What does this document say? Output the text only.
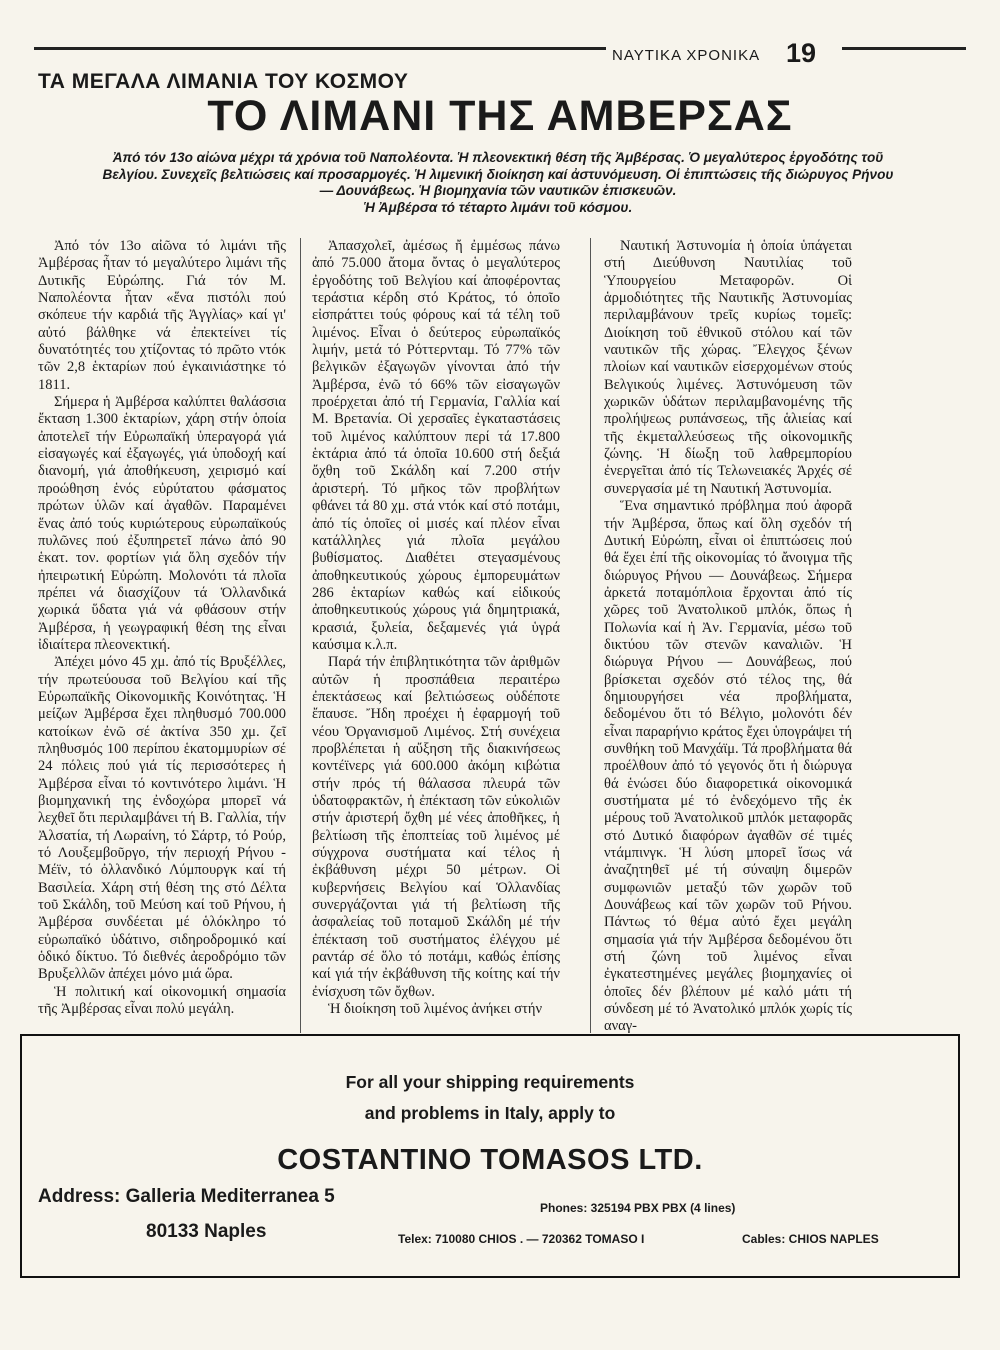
ΝΑΥΤΙΚΑ ΧΡΟΝΙΚΑ 19
ΤΑ ΜΕΓΑΛΑ ΛΙΜΑΝΙΑ ΤΟΥ ΚΟΣΜΟΥ
ΤΟ ΛΙΜΑΝΙ ΤΗΣ ΑΜΒΕΡΣΑΣ

Ἀπό τόν 13ο αἰώνα μέχρι τά χρόνια τοῦ Ναπολέοντα. Ἡ πλεονεκτική θέση τῆς Ἀμβέρσας. Ὁ μεγαλύτερος ἐργοδότης τοῦ Βελγίου. Συνεχεῖς βελτιώσεις καί προσαρμογές. Ἡ λιμενική διοίκηση καί ἀστυνόμευση. Οἱ ἐπιπτώσεις τῆς διώρυγος Ρήνου— Δουνάβεως. Ἡ βιομηχανία τῶν ναυτικῶν ἐπισκευῶν.

Ἡ Ἀμβέρσα τό τέταρτο λιμάνι τοῦ κόσμου.

Ἀπό τόν 13ο αἰῶνα τό λιμάνι τῆς Ἀμβέρσας ἦταν τό μεγαλύτερο λιμάνι τῆς Δυτικῆς Εὐρώπης. Γιά τόν Μ. Ναπολέοντα ἦταν «ἕνα πιστόλι πού σκόπευε τήν καρδιά τῆς Ἀγγλίας» καί γι' αὐτό βάλθηκε νά ἐπεκτείνει τίς δυνατότητές του χτίζοντας τό πρῶτο ντόκ τῶν 2,8 ἑκταρίων πού ἐγκαινιάστηκε τό 1811.

Σήμερα ἡ Ἀμβέρσα καλύπτει θαλάσσια ἔκταση 1.300 ἑκταρίων, χάρη στήν ὁποία ἀποτελεῖ τήν Εὐρωπαϊκή ὑπεραγορά γιά εἰσαγωγές καί ἐξαγωγές, γιά ὑποδοχή καί διανομή, γιά ἀποθήκευση, χειρισμό καί προώθηση ἑνός εὐρύτατου φάσματος πρώτων ὑλῶν καί ἀγαθῶν. Παραμένει ἕνας ἀπό τούς κυριώτερους εὐρωπαϊκούς πυλῶνες πού ἐξυπηρετεῖ πάνω ἀπό 90 ἑκατ. τον. φορτίων γιά ὅλη σχεδόν τήν ἠπειρωτική Εὐρώπη. Μολονότι τά πλοῖα πρέπει νά διασχίζουν τά Ὁλλανδικά χωρικά ὕδατα γιά νά φθάσουν στήν Ἀμβέρσα, ἡ γεωγραφική θέση της εἶναι ἰδιαίτερα πλεονεκτική.

Ἀπέχει μόνο 45 χμ. ἀπό τίς Βρυξέλλες, τήν πρωτεύουσα τοῦ Βελγίου καί τῆς Εὐρωπαϊκῆς Οἰκονομικῆς Κοινότητας. Ἡ μείζων Ἀμβέρσα ἔχει πληθυσμό 700.000 κατοίκων ἐνῶ σέ ἀκτίνα 350 χμ. ζεῖ πληθυσμός 100 περίπου ἑκατομμυρίων σέ 24 πόλεις πού γιά τίς περισσότερες ἡ Ἀμβέρσα εἶναι τό κοντινότερο λιμάνι. Ἡ βιομηχανική της ἐνδοχώρα μπορεῖ νά λεχθεῖ ὅτι περιλαμβάνει τή Β. Γαλλία, τήν Ἀλσατία, τή Λωραίνη, τό Σάρτρ, τό Ρούρ, τό Λουξεμβοῦργο, τήν περιοχή Ρήνου - Μέϊν, τό ὀλλανδικό Λύμπουργκ καί τή Βασιλεία. Χάρη στή θέση της στό Δέλτα τοῦ Σκάλδη, τοῦ Μεύση καί τοῦ Ρήνου, ἡ Ἀμβέρσα συνδέεται μέ ὁλόκληρο τό εὐρωπαϊκό ὑδάτινο, σιδηροδρομικό καί ὁδικό δίκτυο. Τό διεθνές ἀεροδρόμιο τῶν Βρυξελλῶν ἀπέχει μόνο μιά ὥρα.

Ἡ πολιτική καί οἰκονομική σημασία τῆς Ἀμβέρσας εἶναι πολύ μεγάλη.

Ἀπασχολεῖ, ἀμέσως ἤ ἐμμέσως πάνω ἀπό 75.000 ἄτομα ὄντας ὁ μεγαλύτερος ἐργοδότης τοῦ Βελγίου καί ἀποφέροντας τεράστια κέρδη στό Κράτος, τό ὁποῖο εἰσπράττει τούς φόρους καί τά τέλη τοῦ λιμένος. Εἶναι ὁ δεύτερος εὐρωπαϊκός λιμήν, μετά τό Ρόττερνταμ. Τό 77% τῶν βελγικῶν ἐξαγωγῶν γίνονται ἀπό τήν Ἀμβέρσα, ἐνῶ τό 66% τῶν εἰσαγωγῶν προέρχεται ἀπό τή Γερμανία, Γαλλία καί Μ. Βρετανία. Οἱ χερσαῖες ἐγκαταστάσεις τοῦ λιμένος καλύπτουν περί τά 17.800 ἑκτάρια ἀπό τά ὁποῖα 10.600 στή δεξιά ὄχθη τοῦ Σκάλδη καί 7.200 στήν ἀριστερή. Τό μῆκος τῶν προβλήτων φθάνει τά 80 χμ. στά ντόκ καί στό ποτάμι, ἀπό τίς ὁποῖες οἱ μισές καί πλέον εἶναι κατάλληλες γιά πλοῖα μεγάλου βυθίσματος. Διαθέτει στεγασμένους ἀποθηκευτικούς χώρους ἐμπορευμάτων 286 ἑκταρίων καθώς καί εἰδικούς ἀποθηκευτικούς χώρους γιά δημητριακά, κρασιά, ξυλεία, δεξαμενές γιά ὑγρά καύσιμα κ.λ.π.

Παρά τήν ἐπιβλητικότητα τῶν ἀριθμῶν αὐτῶν ἡ προσπάθεια περαιτέρω ἐπεκτάσεως καί βελτιώσεως οὐδέποτε ἔπαυσε. Ἤδη προέχει ἡ ἐφαρμογή τοῦ νέου Ὀργανισμοῦ Λιμένος. Στή συνέχεια προβλέπεται ἡ αὔξηση τῆς διακινήσεως κοντέϊνερς γιά 600.000 ἀκόμη κιβώτια στήν πρός τή θάλασσα πλευρά τῶν ὑδατοφρακτῶν, ἡ ἐπέκταση τῶν εὐκολιῶν στήν ἀριστερή ὄχθη μέ νέες ἀποθῆκες, ἡ βελτίωση τῆς ἐποπτείας τοῦ λιμένος μέ σύγχρονα συστήματα καί τέλος ἡ ἐκβάθυνση μέχρι 50 μέτρων. Οἱ κυβερνήσεις Βελγίου καί Ὁλλανδίας συνεργάζονται γιά τή βελτίωση τῆς ἀσφαλείας τοῦ ποταμοῦ Σκάλδη μέ τήν ἐπέκταση τοῦ συστήματος ἐλέγχου μέ ραντάρ σέ ὅλο τό ποτάμι, καθώς ἐπίσης καί γιά τήν ἐκβάθυνση τῆς κοίτης καί τήν ἐνίσχυση τῶν ὄχθων.

Ἡ διοίκηση τοῦ λιμένος ἀνήκει στήν

Ναυτική Ἀστυνομία ἡ ὁποία ὑπάγεται στή Διεύθυνση Ναυτιλίας τοῦ Ὑπουργείου Μεταφορῶν. Οἱ ἁρμοδιότητες τῆς Ναυτικῆς Ἀστυνομίας περιλαμβάνουν τρεῖς κυρίως τομεῖς: Διοίκηση τοῦ ἐθνικοῦ στόλου καί τῶν ναυτικῶν τῆς χώρας. Ἔλεγχος ξένων πλοίων καί ναυτικῶν εἰσερχομένων στούς Βελγικούς λιμένες. Ἀστυνόμευση τῶν χωρικῶν ὑδάτων περιλαμβανομένης τῆς προλήψεως ρυπάνσεως, τῆς ἁλιείας καί τῆς ἐκμεταλλεύσεως τῆς οἰκονομικῆς ζώνης. Ἡ δίωξη τοῦ λαθρεμπορίου ἐνεργεῖται ἀπό τίς Τελωνειακές Ἀρχές σέ συνεργασία μέ τη Ναυτική Ἀστυνομία.

Ἕνα σημαντικό πρόβλημα πού ἀφορᾶ τήν Ἀμβέρσα, ὅπως καί ὅλη σχεδόν τή Δυτική Εὐρώπη, εἶναι οἱ ἐπιπτώσεις πού θά ἔχει ἐπί τῆς οἰκονομίας τό ἄνοιγμα τῆς διώρυγος Ρήνου — Δουνάβεως. Σήμερα ἀρκετά ποταμόπλοια ἔρχονται ἀπό τίς χῶρες τοῦ Ἀνατολικοῦ μπλόκ, ὅπως ἡ Πολωνία καί ἡ Ἀν. Γερμανία, μέσω τοῦ δικτύου τῶν στενῶν καναλιῶν. Ἡ διώρυγα Ρήνου — Δουνάβεως, πού βρίσκεται σχεδόν στό τέλος της, θά δημιουργήσει νέα προβλήματα, δεδομένου ὅτι τό Βέλγιο, μολονότι δέν εἶναι παραρήνιο κράτος ἔχει ὑπογράψει τή συνθήκη τοῦ Μανχάϊμ. Τά προβλήματα θά προέλθουν ἀπό τό γεγονός ὅτι ἡ διώρυγα θά ἑνώσει δύο διαφορετικά οἰκονομικά συστήματα μέ τό ἐνδεχόμενο τῆς ἐκ μέρους τοῦ Ἀνατολικοῦ μπλόκ μεταφορᾶς στό Δυτικό διαφόρων ἀγαθῶν σέ τιμές ντάμπινγκ. Ἡ λύση μπορεῖ ἴσως νά ἀναζητηθεῖ μέ τή σύναψη διμερῶν συμφωνιῶν μεταξύ τῶν χωρῶν τοῦ Δουνάβεως καί τῶν χωρῶν τοῦ Ρήνου. Πάντως τό θέμα αὐτό ἔχει μεγάλη σημασία γιά τήν Ἀμβέρσα δεδομένου ὅτι στή ζώνη τοῦ λιμένος εἶναι ἐγκατεστημένες μεγάλες βιομηχανίες οἱ ὁποῖες δέν βλέπουν μέ καλό μάτι τή σύνδεση μέ τό Ἀνατολικό μπλόκ χωρίς τίς αναγ-

For all your shipping requirements
and problems in Italy, apply to
COSTANTINO TOMASOS LTD.
Address: Galleria Mediterranea 5
80133 Naples
Phones: 325194 PBX PBX (4 lines)
Telex: 710080 CHIOS . — 720362 TOMASO I	Cables: CHIOS NAPLES
